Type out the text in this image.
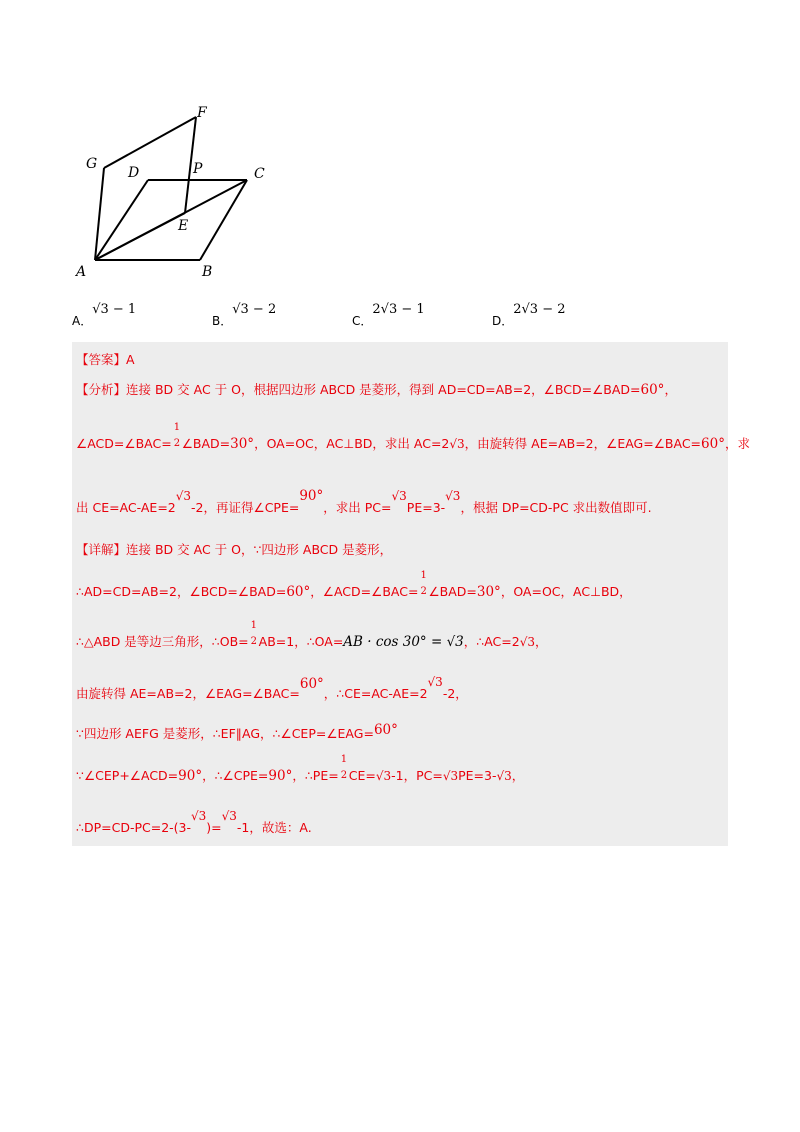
A	B
C
D
E
F
G	P
A．√3 − 1
B．√3 − 2
C．2√3 − 1
D．2√3 − 2
【答案】A
【分析】连接 BD 交 AC 于 O，根据四边形 ABCD 是菱形，得到 AD=CD=AB=2，∠BCD=∠BAD=60°，
∠ACD=∠BAC=
1
2 ∠BAD=30°，OA=OC，AC⊥BD，求出 AC=2√3，由旋转得 AE=AB=2，∠EAG=∠BAC=60°，求
出 CE=AC-AE=2√3-2，再证得∠CPE=90°，求出 PC=√3PE=3-√3，根据 DP=CD-PC 求出数值即可.
【详解】连接 BD 交 AC 于 O，∵四边形 ABCD 是菱形，
∴AD=CD=AB=2，∠BCD=∠BAD=60°，∠ACD=∠BAC=
1
2 ∠BAD=30°，OA=OC，AC⊥BD，
∴△ABD 是等边三角形，∴OB=
1
2 AB=1，∴OA=AB · cos 30° = √3，∴AC=2√3，
由旋转得 AE=AB=2，∠EAG=∠BAC=60°，∴CE=AC-AE=2√3-2，
∵四边形 AEFG 是菱形，∴EF∥AG，∴∠CEP=∠EAG=60°
∵∠CEP+∠ACD=90°，∴∠CPE=90°，∴PE=
1
2 CE=√3-1，PC=√3PE=3-√3，
∴DP=CD-PC=2-(3-√3)=√3-1，故选：A.
